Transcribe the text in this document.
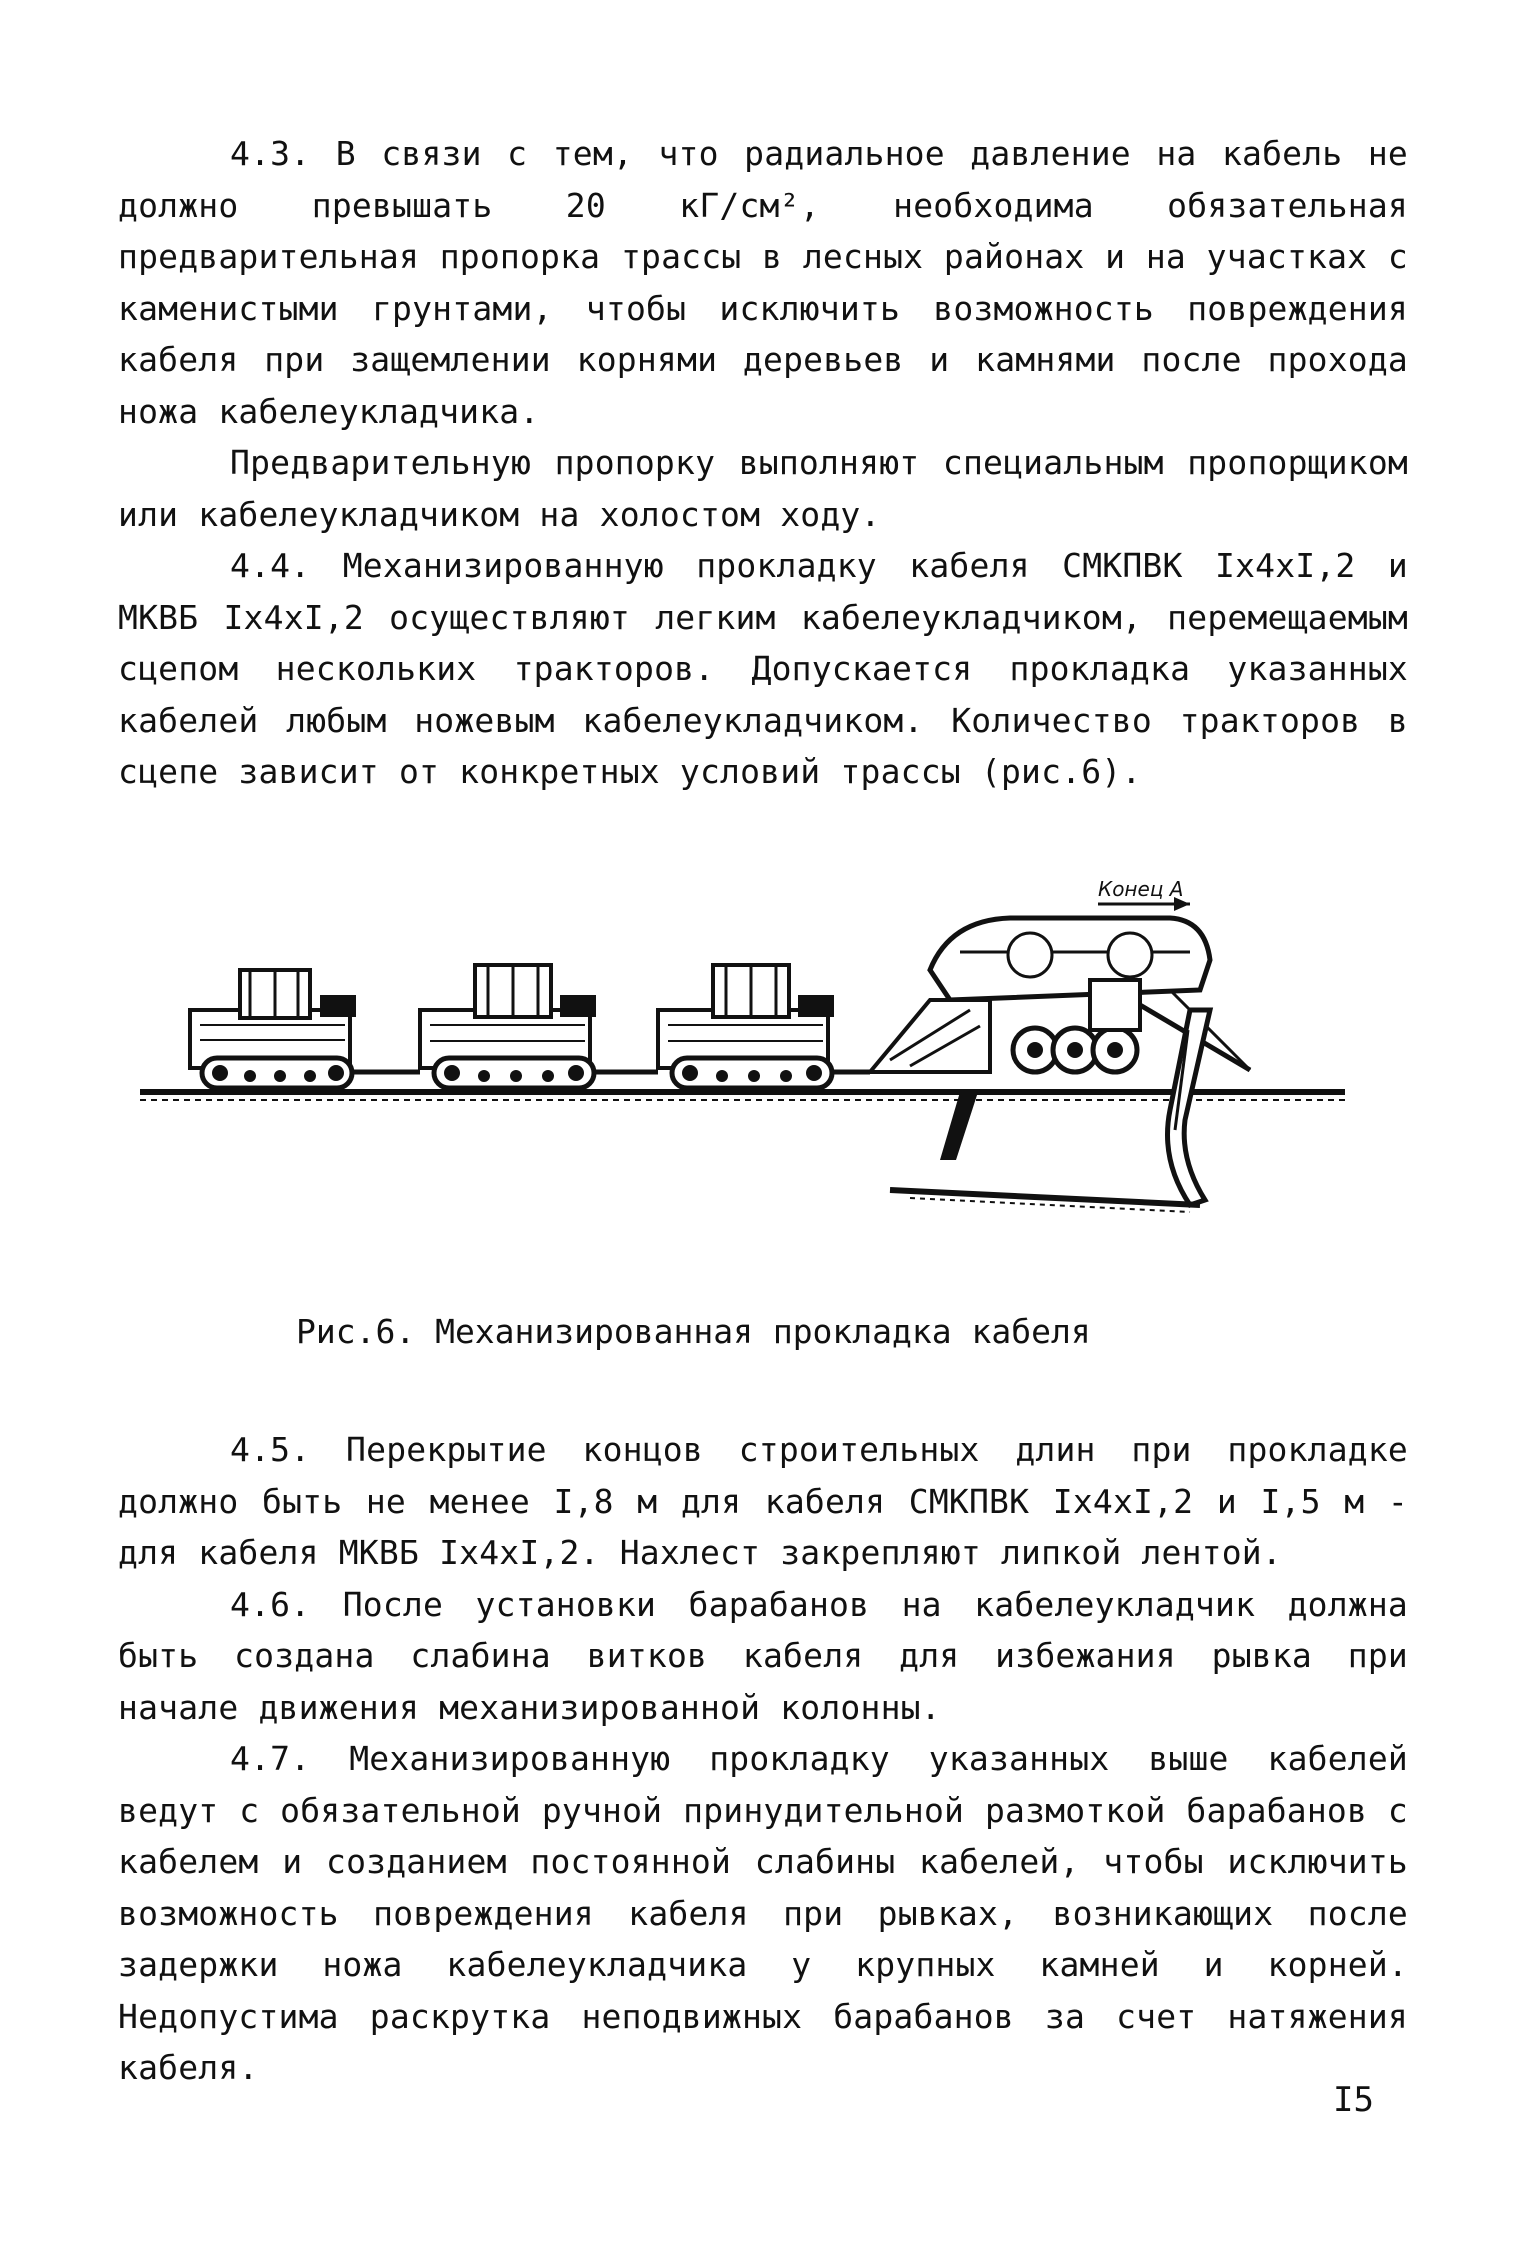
4.3. В связи с тем, что радиальное давление на кабель не должно превышать 20 кГ/см², необходима обязательная предварительная пропорка трассы в лесных районах и на участках с каменистыми грунтами, чтобы исключить возможность повреждения кабеля при защемлении корнями деревьев и камнями после прохода ножа кабелеукладчика.

Предварительную пропорку выполняют специальным пропорщиком или кабелеукладчиком на холостом ходу.

4.4. Механизированную прокладку кабеля СМКПВК Ix4xI,2 и МКВБ Ix4xI,2 осуществляют легким кабелеукладчиком, перемещаемым сцепом нескольких тракторов. Допускается прокладка указанных кабелей любым ножевым кабелеукладчиком. Количество тракторов в сцепе зависит от конкретных условий трассы (рис.6).

Конец А
Рис.6. Механизированная прокладка кабеля

4.5. Перекрытие концов строительных длин при прокладке должно быть не менее I,8 м для кабеля СМКПВК Ix4xI,2 и I,5 м - для кабеля МКВБ Ix4xI,2. Нахлест закрепляют липкой лентой.

4.6. После установки барабанов на кабелеукладчик должна быть создана слабина витков кабеля для избежания рывка при начале движения механизированной колонны.

4.7. Механизированную прокладку указанных выше кабелей ведут с обязательной ручной принудительной размоткой барабанов с кабелем и созданием постоянной слабины кабелей, чтобы исключить возможность повреждения кабеля при рывках, возникающих после задержки ножа кабелеукладчика у крупных камней и корней. Недопустима раскрутка неподвижных барабанов за счет натяжения кабеля.

I5
